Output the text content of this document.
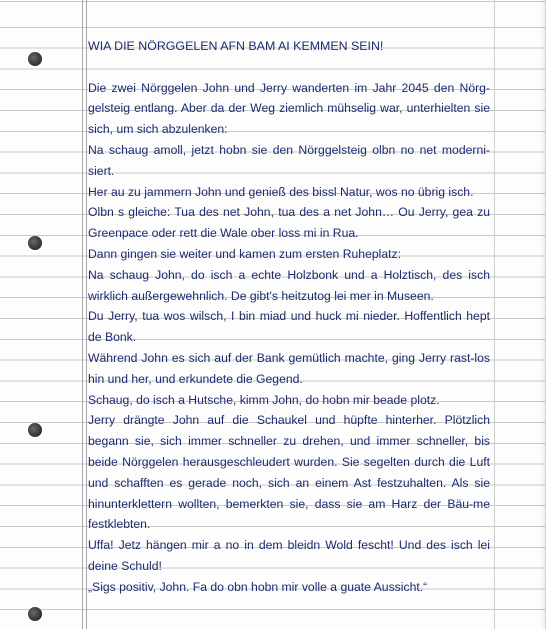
WIA DIE NÖRGGELEN AFN BAM AI KEMMEN SEIN!

Die zwei Nörggelen John und Jerry wanderten im Jahr 2045 den Nörg-gelsteig entlang. Aber da der Weg ziemlich mühselig war, unterhielten sie sich, um sich abzulenken:

Na schaug amoll, jetzt hobn sie den Nörggelsteig olbn no net moderni-siert.

Her au zu jammern John und genieß des bissl Natur, wos no übrig isch.

Olbn s gleiche: Tua des net John, tua des a net John… Ou Jerry, gea zu Greenpace oder rett die Wale ober loss mi in Rua.

Dann gingen sie weiter und kamen zum ersten Ruheplatz:

Na schaug John, do isch a echte Holzbonk und a Holztisch, des isch wirklich außergewehnlich. De gibt's heitzutog lei mer in Museen.

Du Jerry, tua wos wilsch, I bin miad und huck mi nieder. Hoffentlich hept de Bonk.

Während John es sich auf der Bank gemütlich machte, ging Jerry rast-los hin und her, und erkundete die Gegend.

Schaug, do isch a Hutsche, kimm John, do hobn mir beade plotz.

Jerry drängte John auf die Schaukel und hüpfte hinterher. Plötzlich begann sie, sich immer schneller zu drehen, und immer schneller, bis beide Nörggelen herausgeschleudert wurden. Sie segelten durch die Luft und schafften es gerade noch, sich an einem Ast festzuhalten. Als sie hinunterklettern wollten, bemerkten sie, dass sie am Harz der Bäu-me festklebten.

Uffa! Jetz hängen mir a no in dem bleidn Wold fescht! Und des isch lei deine Schuld!

„Sigs positiv, John. Fa do obn hobn mir volle a guate Aussicht.“
